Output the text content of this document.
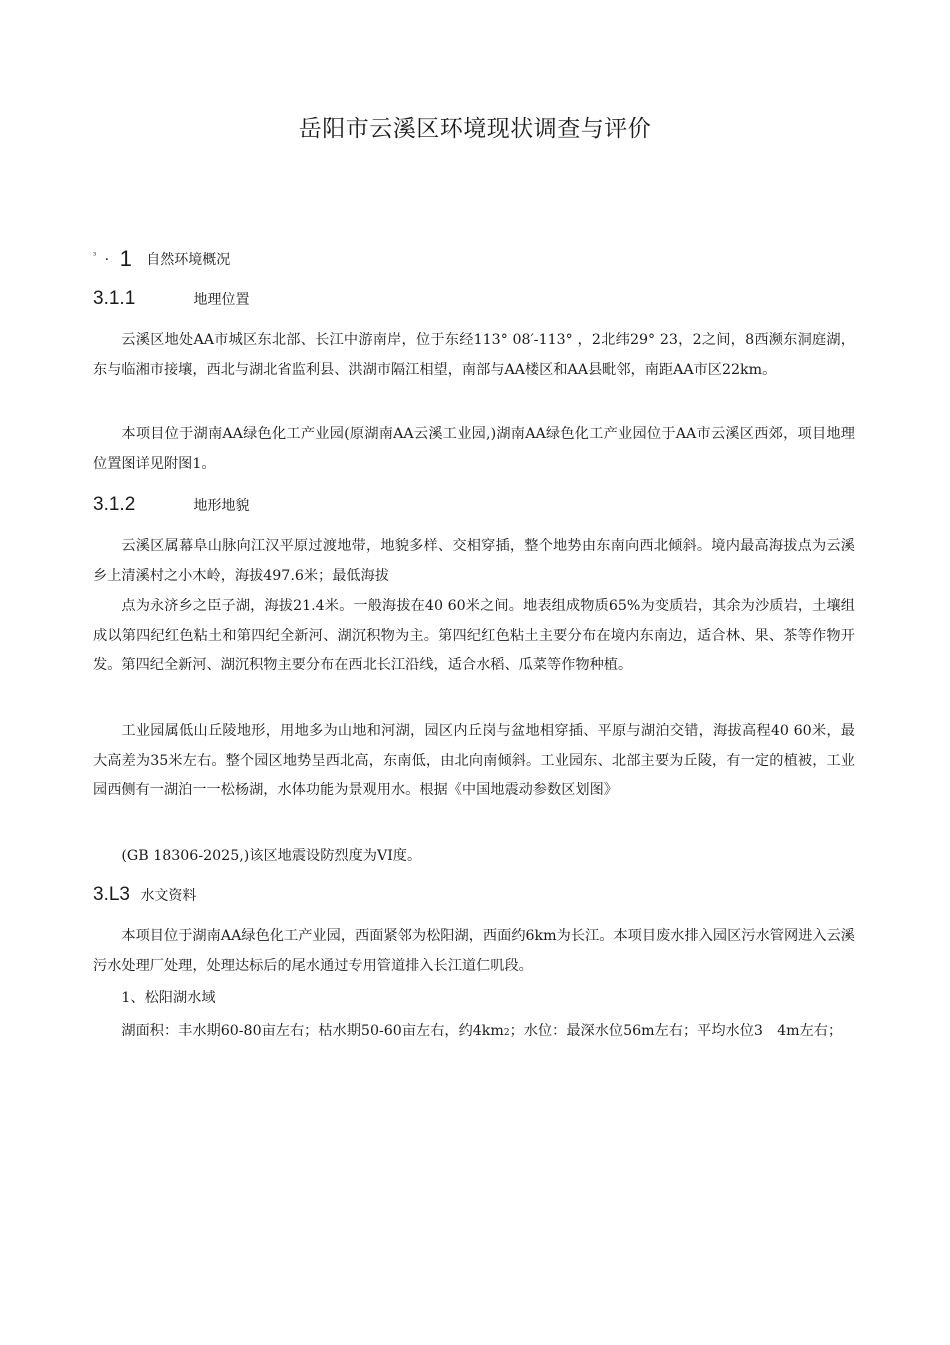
岳阳市云溪区环境现状调查与评价
$^{^3}$ · 1 自然环境概况
3.1.1	地理位置

云溪区地处AA市城区东北部、长江中游南岸，位于东经113° 08′-113° ，2北纬29° 23，2之间，8西濒东洞庭湖，东与临湘市接壤，西北与湖北省监利县、洪湖市隔江相望，南部与AA楼区和AA县毗邻，南距AA市区22km。

本项目位于湖南AA绿色化工产业园(原湖南AA云溪工业园,)湖南AA绿色化工产业园位于AA市云溪区西郊，项目地理位置图详见附图1。

3.1.2	地形地貌

云溪区属幕阜山脉向江汉平原过渡地带，地貌多样、交相穿插，整个地势由东南向西北倾斜。境内最高海拔点为云溪乡上清溪村之小木岭，海拔497.6米；最低海拔

点为永济乡之臣子湖，海拔21.4米。一般海拔在40 60米之间。地表组成物质65%为变质岩，其余为沙质岩，土壤组成以第四纪红色粘土和第四纪全新河、湖沉积物为主。第四纪红色粘土主要分布在境内东南边，适合林、果、茶等作物开发。第四纪全新河、湖沉积物主要分布在西北长江沿线，适合水稻、瓜菜等作物种植。

工业园属低山丘陵地形，用地多为山地和河湖，园区内丘岗与盆地相穿插、平原与湖泊交错，海拔高程40 60米，最大高差为35米左右。整个园区地势呈西北高，东南低，由北向南倾斜。工业园东、北部主要为丘陵，有一定的植被，工业园西侧有一湖泊一一松杨湖，水体功能为景观用水。根据《中国地震动参数区划图》

(GB 18306-2025,)该区地震设防烈度为VI度。

3.L3 水文资料

本项目位于湖南AA绿色化工产业园，西面紧邻为松阳湖，西面约6km为长江。本项目废水排入园区污水管网进入云溪污水处理厂处理，处理达标后的尾水通过专用管道排入长江道仁叽段。

1、松阳湖水域

湖面积：丰水期60-80亩左右；枯水期50-60亩左右，约4km2；水位：最深水位56m左右；平均水位3　4m左右；
